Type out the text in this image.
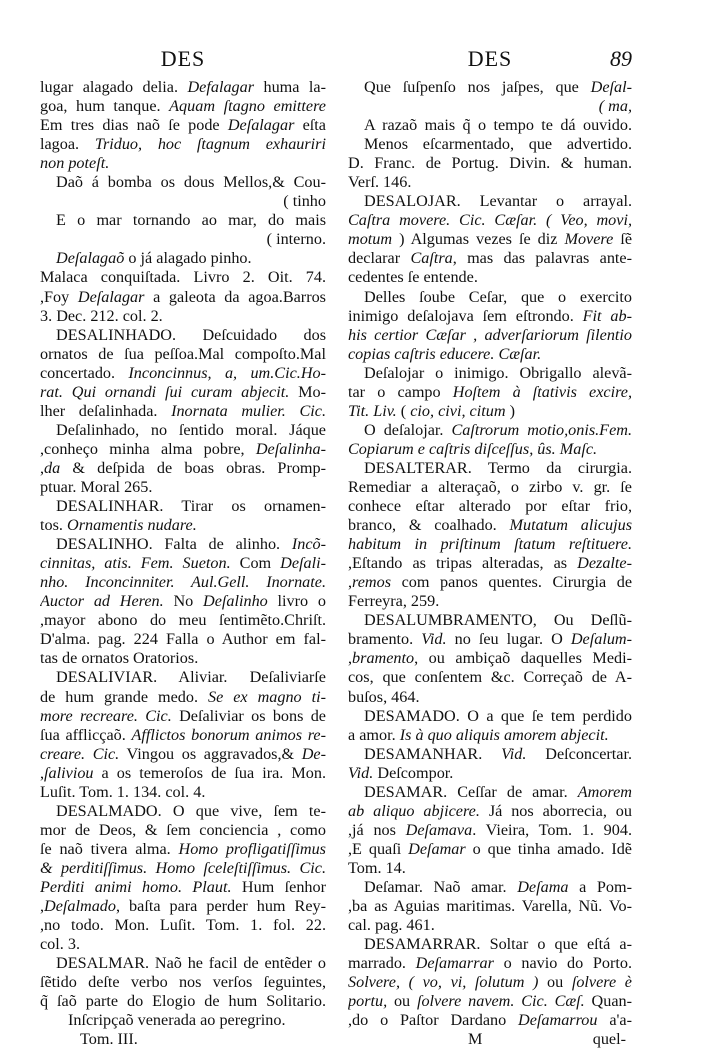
DES
lugar alagado delia. Defalagar huma la-
goa, hum tanque. Aquam ſtagno emittere
Em tres dias naõ ſe pode Deſalagar eſta
lagoa. Triduo, hoc ſtagnum exhauriri
non poteſt.
Daõ á bomba os dous Mellos,& Cou-
( tinho
E o mar tornando ao mar, do mais
( interno.
Deſalagaõ o já alagado pinho.
Malaca conquiſtada. Livro 2. Oit. 74.
,Foy Deſalagar a galeota da agoa.Barros
3. Dec. 212. col. 2.
DESALINHADO. Deſcuidado dos
ornatos de ſua peſſoa.Mal compoſto.Mal
concertado. Inconcinnus, a, um.Cic.Ho-
rat. Qui ornandi ſui curam abjecit. Mo-
lher deſalinhada. Inornata mulier. Cic.
Deſalinhado, no ſentido moral. Jáque
,conheço minha alma pobre, Deſalinha-
,da & deſpida de boas obras. Promp-
ptuar. Moral 265.
DESALINHAR. Tirar os ornamen-
tos. Ornamentis nudare.
DESALINHO. Falta de alinho. Incõ-
cinnitas, atis. Fem. Sueton. Com Deſali-
nho. Inconcinniter. Aul.Gell. Inornate.
Auctor ad Heren. No Deſalinho livro o
,mayor abono do meu ſentimẽto.Chriſt.
D'alma. pag. 224 Falla o Author em fal-
tas de ornatos Oratorios.
DESALIVIAR. Aliviar. Deſaliviarſe
de hum grande medo. Se ex magno ti-
more recreare. Cic. Deſaliviar os bons de
ſua afflicçaõ. Afflictos bonorum animos re-
creare. Cic. Vingou os aggravados,& De-
,ſaliviou a os temeroſos de ſua ira. Mon.
Luſit. Tom. 1. 134. col. 4.
DESALMADO. O que vive, ſem te-
mor de Deos, & ſem conciencia , como
ſe naõ tivera alma. Homo profligatiſſimus
& perditiſſimus. Homo ſceleſtiſſimus. Cic.
Perditi animi homo. Plaut. Hum ſenhor
,Deſalmado, baſta para perder hum Rey-
,no todo. Mon. Luſit. Tom. 1. fol. 22.
col. 3.
DESALMAR. Naõ he facil de entẽder o
ſẽtido deſte verbo nos verſos ſeguintes,
q̃ ſaõ parte do Elogio de hum Solitario.
Inſcripçaõ venerada ao peregrino.
Tom. III.
DES	89
Que ſuſpenſo nos jaſpes, que Deſal-
( ma,
A razaõ mais q̃ o tempo te dá ouvido.
Menos eſcarmentado, que advertido.
D. Franc. de Portug. Divin. & human.
Verſ. 146.
DESALOJAR. Levantar o arrayal.
Caſtra movere. Cic. Cæſar. ( Veo, movi,
motum ) Algumas vezes ſe diz Movere ſẽ
declarar Caſtra, mas das palavras ante-
cedentes ſe entende.
Delles ſoube Ceſar, que o exercito
inimigo deſalojava ſem eſtrondo. Fit ab-
his certior Cæſar , adverſariorum ſilentio
copias caſtris educere. Cæſar.
Deſalojar o inimigo. Obrigallo alevã-
tar o campo Hoſtem à ſtativis excire,
Tit. Liv. ( cio, civi, citum )
O deſalojar. Caſtrorum motio,onis.Fem.
Copiarum e caſtris diſceſſus, ûs. Maſc.
DESALTERAR. Termo da cirurgia.
Remediar a alteraçaõ, o zirbo v. gr. ſe
conhece eſtar alterado por eſtar frio,
branco, & coalhado. Mutatum alicujus
habitum in priſtinum ſtatum reſtituere.
,Eſtando as tripas alteradas, as Dezalte-
,remos com panos quentes. Cirurgia de
Ferreyra, 259.
DESALUMBRAMENTO, Ou Deſlũ-
bramento. Vid. no ſeu lugar. O Deſalum-
,bramento, ou ambiçaõ daquelles Medi-
cos, que conſentem &c. Correçaõ de A-
buſos, 464.
DESAMADO. O a que ſe tem perdido
a amor. Is à quo aliquis amorem abjecit.
DESAMANHAR. Vid. Deſconcertar.
Vid. Deſcompor.
DESAMAR. Ceſſar de amar. Amorem
ab aliquo abjicere. Já nos aborrecia, ou
,já nos Deſamava. Vieira, Tom. 1. 904.
,E quaſi Deſamar o que tinha amado. Idẽ
Tom. 14.
Deſamar. Naõ amar. Deſama a Pom-
,ba as Aguias maritimas. Varella, Nũ. Vo-
cal. pag. 461.
DESAMARRAR. Soltar o que eſtá a-
marrado. Deſamarrar o navio do Porto.
Solvere, ( vo, vi, ſolutum ) ou ſolvere è
portu, ou ſolvere navem. Cic. Cæſ. Quan-
,do o Paſtor Dardano Deſamarrou a'a-
M	quel-
